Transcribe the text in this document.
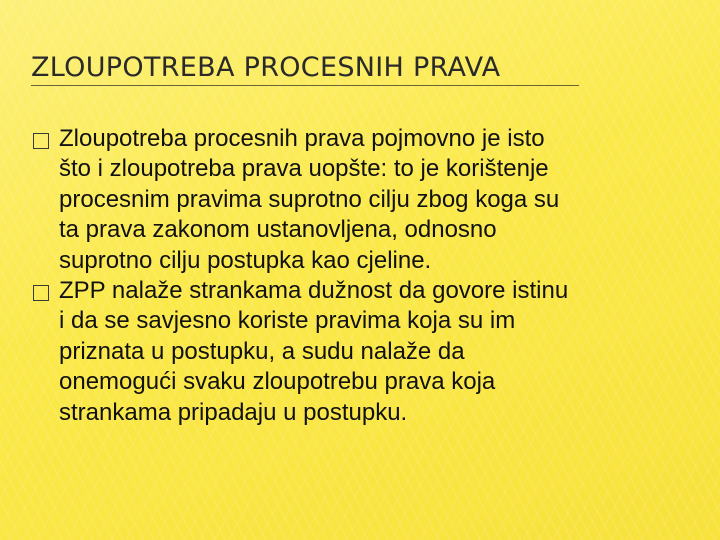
ZLOUPOTREBA PROCESNIH PRAVA
Zloupotreba procesnih prava pojmovno je isto
što i zloupotreba prava uopšte: to je korištenje
procesnim pravima suprotno cilju zbog koga su
ta prava zakonom ustanovljena, odnosno
suprotno cilju postupka kao cjeline.
ZPP nalaže strankama dužnost da govore istinu
i da se savjesno koriste pravima koja su im
priznata u postupku, a sudu nalaže da
onemogući svaku zloupotrebu prava koja
strankama pripadaju u postupku.
